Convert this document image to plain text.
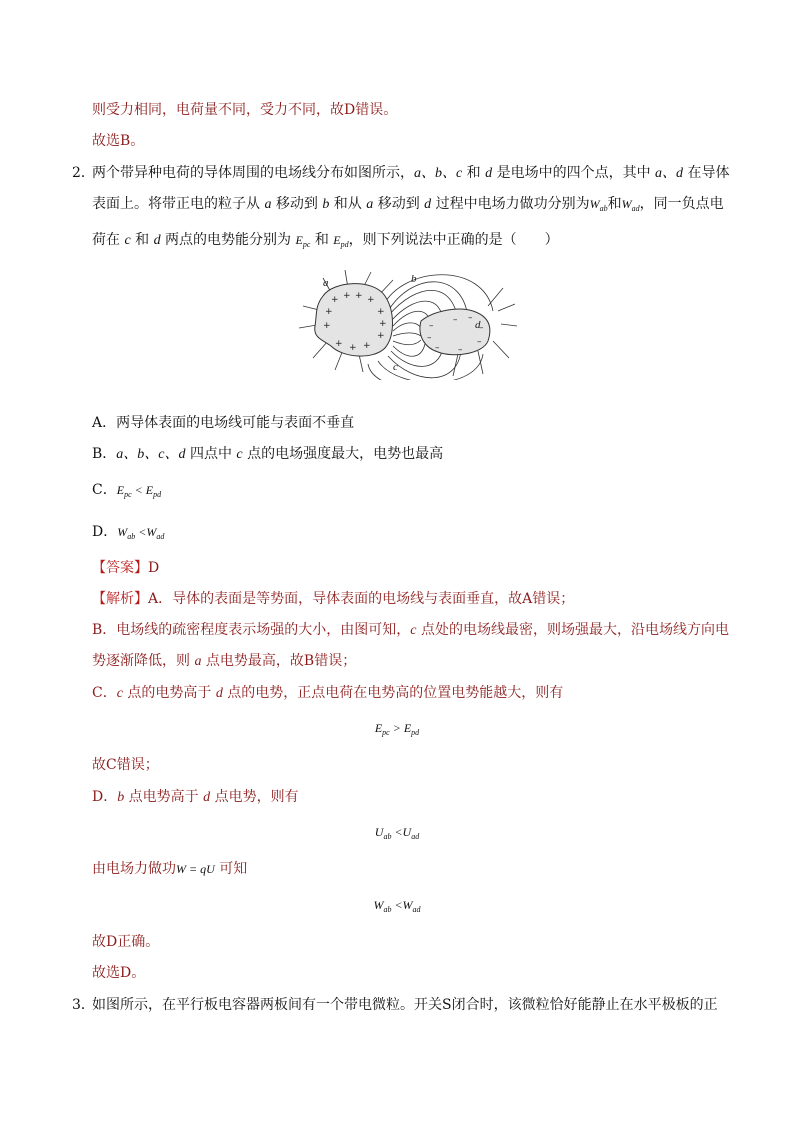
则受力相同，电荷量不同，受力不同，故D错误。
故选B。
2．
两个带异种电荷的导体周围的电场线分布如图所示，a、b、c 和 d 是电场中的四个点，其中 a、d 在导体
表面上。将带正电的粒子从 a 移动到 b 和从 a 移动到 d 过程中电场力做功分别为$W_{ab}$和$W_{ad}$，同一负点电
荷在 c 和 d 两点的电势能分别为 $E_{pc}$ 和 $E_{pd}$，则下列说法中正确的是（　　）
+ + + +
+
+
+
+
+
+
+
+
–
–
–
– –
–
–
–
a	b
c
d
A．两导体表面的电场线可能与表面不垂直
B．a、b、c、d 四点中 c 点的电场强度最大，电势也最高
C．$E_{pc} < E_{pd}$
D．$W_{ab} <W_{ad}$
【答案】D
【解析】A．导体的表面是等势面，导体表面的电场线与表面垂直，故A错误；
B．电场线的疏密程度表示场强的大小，由图可知，c 点处的电场线最密，则场强最大，沿电场线方向电
势逐渐降低，则 a 点电势最高，故B错误；
C．c 点的电势高于 d 点的电势，正点电荷在电势高的位置电势能越大，则有
$E_{pc} > E_{pd}$
故C错误；
D．b 点电势高于 d 点电势，则有
$U_{ab} <U_{ad}$
由电场力做功W = qU 可知
$W_{ab} <W_{ad}$
故D正确。
故选D。
3．
如图所示，在平行板电容器两板间有一个带电微粒。开关S闭合时，该微粒恰好能静止在水平极板的正
